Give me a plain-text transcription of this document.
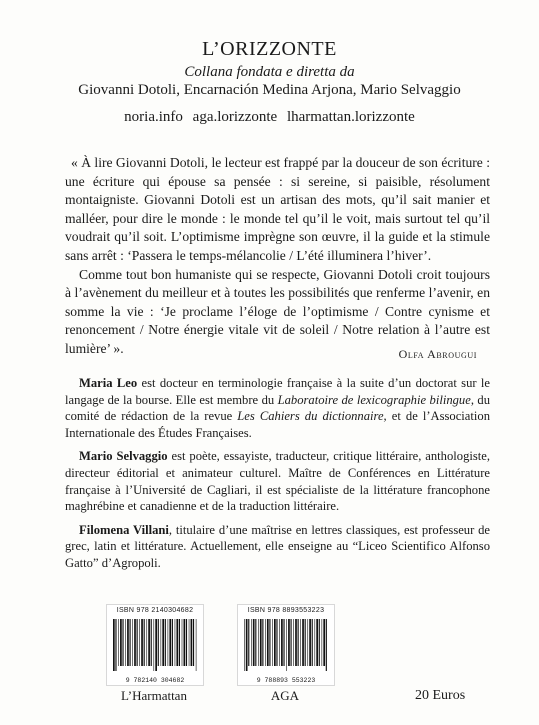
L’ORIZZONTE
Collana fondata e diretta da
Giovanni Dotoli, Encarnación Medina Arjona, Mario Selvaggio
noria.info aga.lorizzonte lharmattan.lorizzonte

« À lire Giovanni Dotoli, le lecteur est frappé par la douceur de son écriture : une écriture qui épouse sa pensée : si sereine, si paisible, résolument montaigniste. Giovanni Dotoli est un artisan des mots, qu’il sait manier et malléer, pour dire le monde : le monde tel qu’il le voit, mais surtout tel qu’il voudrait qu’il soit. L’optimisme imprègne son œuvre, il la guide et la stimule sans arrêt : ‘Passera le temps-mélancolie / L’été illuminera l’hiver’.

Comme tout bon humaniste qui se respecte, Giovanni Dotoli croit toujours à l’avènement du meilleur et à toutes les possibilités que renferme l’avenir, en somme la vie : ‘Je proclame l’éloge de l’optimisme / Contre cynisme et renoncement / Notre énergie vitale vit de soleil / Notre relation à l’autre est lumière’ ».	Olfa Abrougui

Maria Leo est docteur en terminologie française à la suite d’un doctorat sur le langage de la bourse. Elle est membre du Laboratoire de lexicographie bilingue, du comité de rédaction de la revue Les Cahiers du dictionnaire, et de l’Association Internationale des Études Françaises.

Mario Selvaggio est poète, essayiste, traducteur, critique littéraire, anthologiste, directeur éditorial et animateur culturel. Maître de Conférences en Littérature française à l’Université de Cagliari, il est spécialiste de la littérature francophone maghrébine et canadienne et de la traduction littéraire.

Filomena Villani, titulaire d’une maîtrise en lettres classiques, est professeur de grec, latin et littérature. Actuellement, elle enseigne au “Liceo Scientifico Alfonso Gatto” d’Agropoli.

ISBN 978 2140304682
9 782140 304682
L’Harmattan
ISBN 978 8893553223
9 788893 553223
AGA	20 Euros
